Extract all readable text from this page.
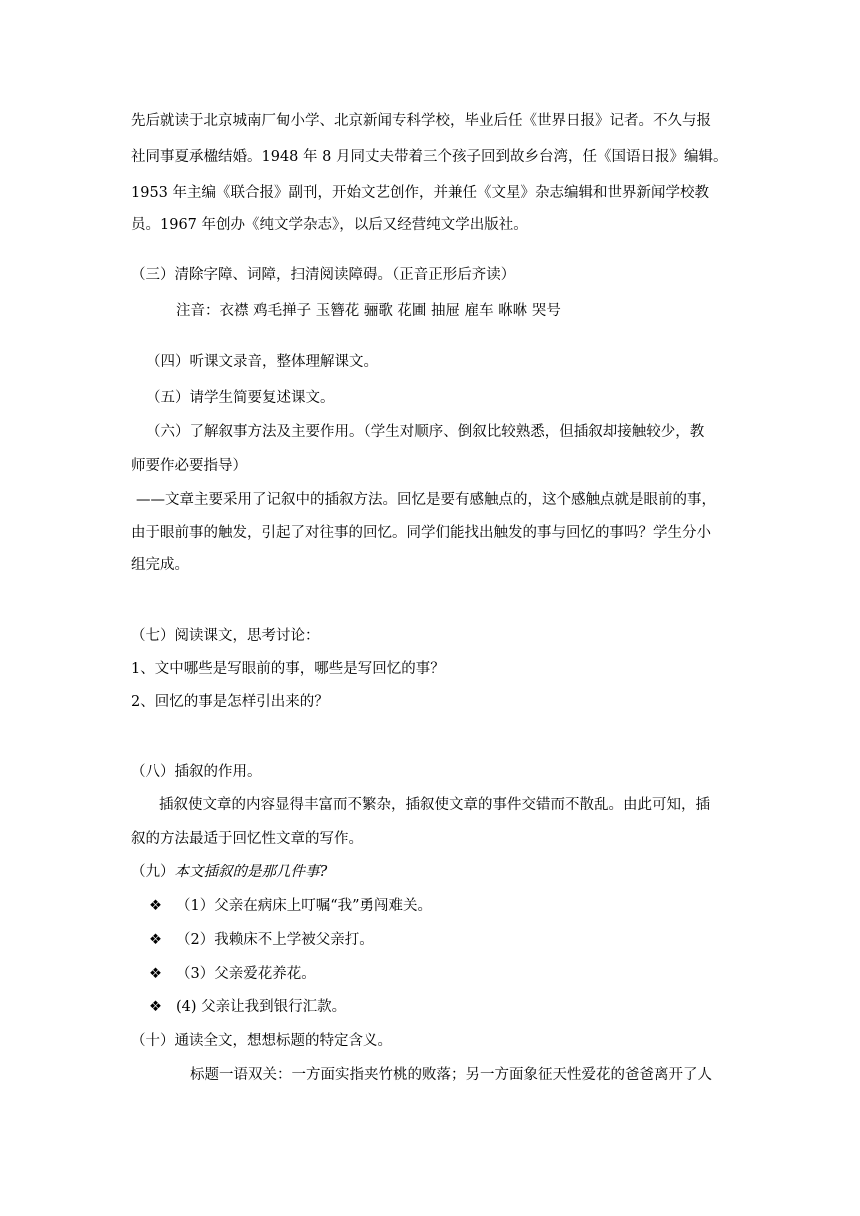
先后就读于北京城南厂甸小学、北京新闻专科学校，毕业后任《世界日报》记者。不久与报
社同事夏承楹结婚。1948 年 8 月同丈夫带着三个孩子回到故乡台湾，任《国语日报》编辑。
1953 年主编《联合报》副刊，开始文艺创作，并兼任《文星》杂志编辑和世界新闻学校教
员。1967 年创办《纯文学杂志》，以后又经营纯文学出版社。
（三）清除字障、词障，扫清阅读障碍。（正音正形后齐读）
注音：衣襟 鸡毛掸子 玉簪花 骊歌 花圃 抽屉 雇车 咻咻 哭号
（四）听课文录音，整体理解课文。
（五）请学生简要复述课文。
（六）了解叙事方法及主要作用。（学生对顺序、倒叙比较熟悉，但插叙却接触较少，教
师要作必要指导）
——文章主要采用了记叙中的插叙方法。回忆是要有感触点的，这个感触点就是眼前的事，
由于眼前事的触发，引起了对往事的回忆。同学们能找出触发的事与回忆的事吗？学生分小
组完成。
（七）阅读课文，思考讨论：
1、文中哪些是写眼前的事，哪些是写回忆的事？
2、回忆的事是怎样引出来的？
（八）插叙的作用。
插叙使文章的内容显得丰富而不繁杂，插叙使文章的事件交错而不散乱。由此可知，插
叙的方法最适于回忆性文章的写作。
（九）本文插叙的是那几件事?
❖ （1）父亲在病床上叮嘱“我”勇闯难关。
❖ （2）我赖床不上学被父亲打。
❖ （3）父亲爱花养花。
❖ (4) 父亲让我到银行汇款。
（十）通读全文，想想标题的特定含义。
标题一语双关：一方面实指夹竹桃的败落；另一方面象征天性爱花的爸爸离开了人
